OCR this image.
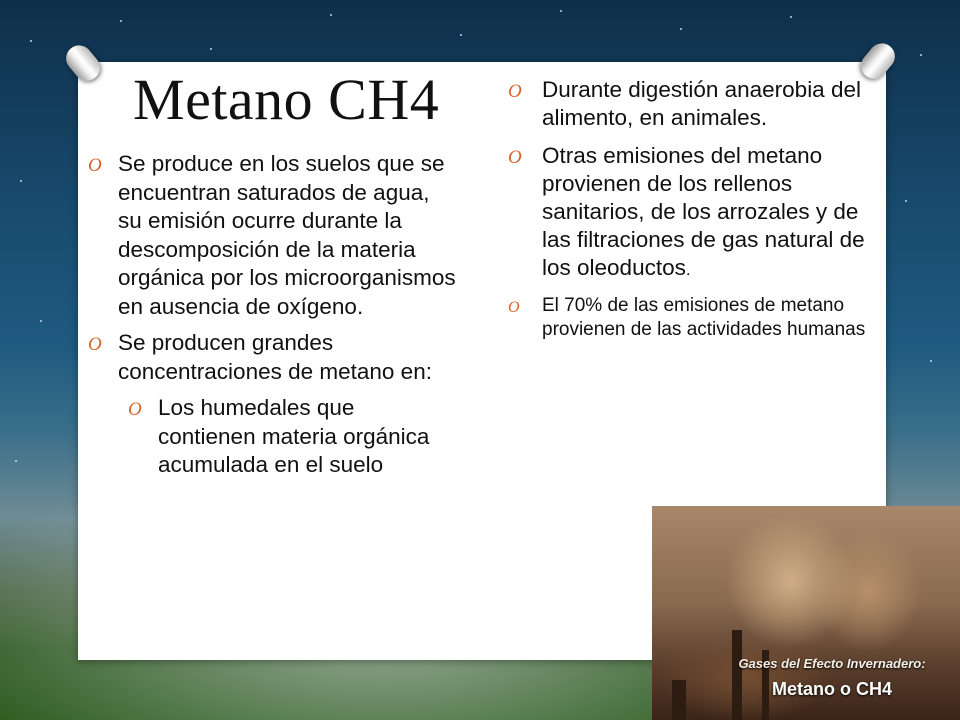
Metano CH4
O Se produce en los suelos que se encuentran saturados de agua, su emisión ocurre durante la descomposición de la materia orgánica por los microorganismos en ausencia de oxígeno.
O Se producen grandes concentraciones de metano en:
O Los humedales que contienen materia orgánica acumulada en el suelo
O Durante digestión anaerobia del alimento, en animales.
O Otras emisiones del metano provienen de los rellenos sanitarios, de los arrozales y de las filtraciones de gas natural de los oleoductos.
O El 70% de las emisiones de metano provienen de las actividades humanas
Gases del Efecto Invernadero:
Metano o CH4
